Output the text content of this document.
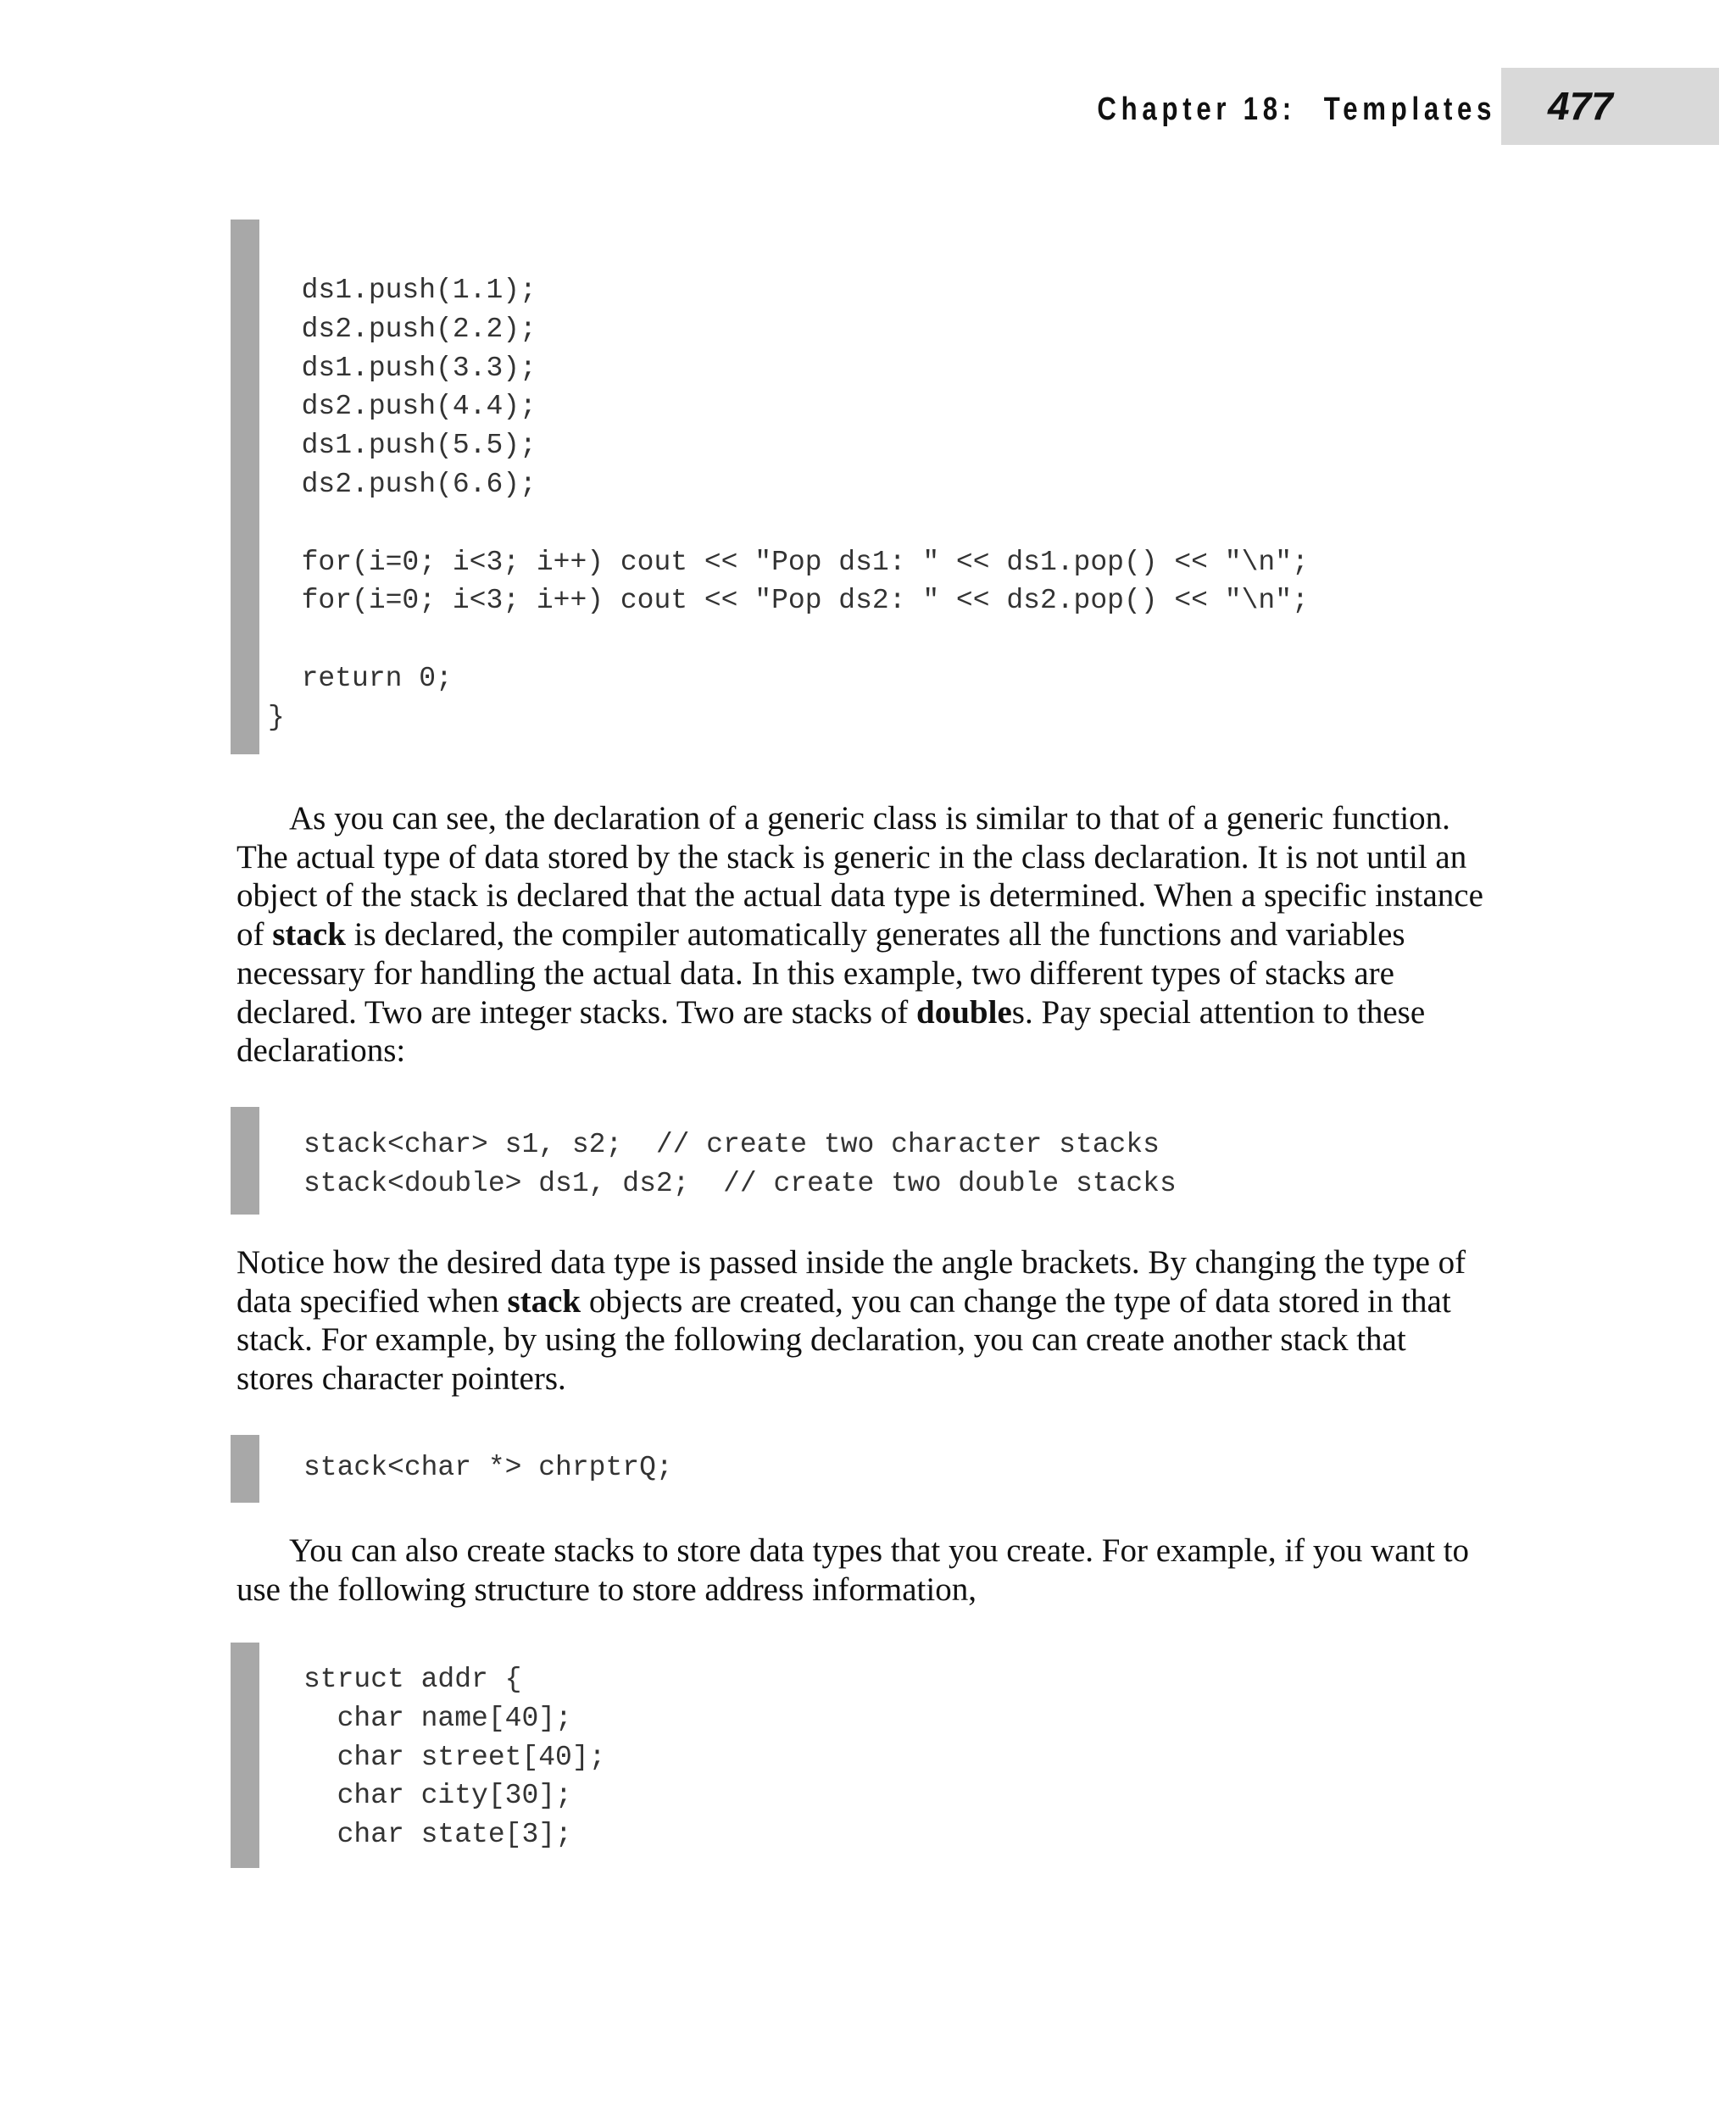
Chapter 18: Templates 477
ds1.push(1.1);
ds2.push(2.2);
ds1.push(3.3);
ds2.push(4.4);
ds1.push(5.5);
ds2.push(6.6);

for(i=0; i<3; i++) cout << "Pop ds1: " << ds1.pop() << "\n";
for(i=0; i<3; i++) cout << "Pop ds2: " << ds2.pop() << "\n";

return 0;
}

As you can see, the declaration of a generic class is similar to that of a generic function. The actual type of data stored by the stack is generic in the class declaration. It is not until an object of the stack is declared that the actual data type is determined. When a specific instance of stack is declared, the compiler automatically generates all the functions and variables necessary for handling the actual data. In this example, two different types of stacks are declared. Two are integer stacks. Two are stacks of doubles. Pay special attention to these declarations:

stack<char> s1, s2;  // create two character stacks
stack<double> ds1, ds2;  // create two double stacks

Notice how the desired data type is passed inside the angle brackets. By changing the type of data specified when stack objects are created, you can change the type of data stored in that stack. For example, by using the following declaration, you can create another stack that stores character pointers.

stack<char *> chrptrQ;

You can also create stacks to store data types that you create. For example, if you want to use the following structure to store address information,

struct addr {
char name[40];
char street[40];
char city[30];
char state[3];
